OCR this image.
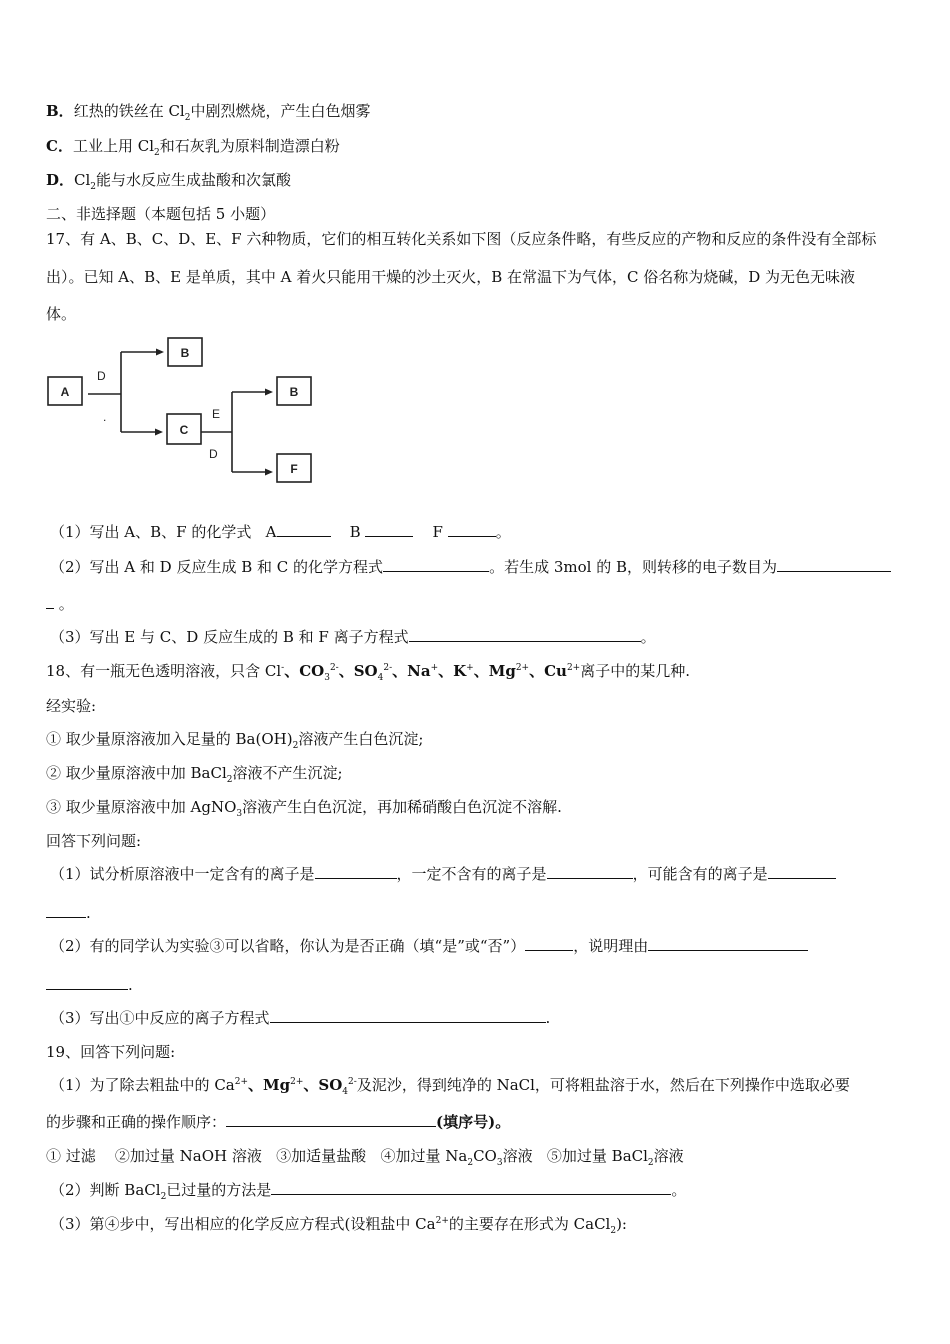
B．红热的铁丝在 $Cl_2$中剧烈燃烧，产生白色烟雾
C．工业上用 $Cl_2$和石灰乳为原料制造漂白粉
D．$Cl_2$能与水反应生成盐酸和次氯酸
二、非选择题（本题包括 5 小题）
17、有 A、B、C、D、E、F 六种物质，它们的相互转化关系如下图（反应条件略，有些反应的产物和反应的条件没有全部标
出）。已知 A、B、E 是单质，其中 A 着火只能用干燥的沙土灭火，B 在常温下为气体，C 俗名称为烧碱，D 为无色无味液
体。
A
B
C
B
F
D
E
D
.
（1）写出 A、B、F 的化学式 A	B	F	。
（2）写出 A 和 D 反应生成 B 和 C 的化学方程式	。若生成 3mol 的 B，则转移的电子数目为
。
（3）写出 E 与 C、D 反应生成的 B 和 F 离子方程式	。
18、有一瓶无色透明溶液，只含 Cl-、$CO_3^{2-}$、$SO_4^{2-}$、Na+、K+、$Mg^{2+}$、$Cu^{2+}$离子中的某几种.
经实验:
① 取少量原溶液加入足量的 $Ba(OH)_2$溶液产生白色沉淀;
② 取少量原溶液中加 BaCl$_2$溶液不产生沉淀;
③ 取少量原溶液中加 AgNO$_3$溶液产生白色沉淀，再加稀硝酸白色沉淀不溶解.
回答下列问题:
（1）试分析原溶液中一定含有的离子是	，一定不含有的离子是	，可能含有的离子是
.
（2）有的同学认为实验③可以省略，你认为是否正确（填“是”或“否”）	，说明理由
.
（3）写出①中反应的离子方程式	.
19、回答下列问题:
（1）为了除去粗盐中的 $Ca^{2+}$、$Mg^{2+}$、$SO_4^{2-}$及泥沙，得到纯净的 NaCl，可将粗盐溶于水，然后在下列操作中选取必要
的步骤和正确的操作顺序：	(填序号)。
① 过滤 ②加过量 NaOH 溶液 ③加适量盐酸 ④加过量 $Na_2CO_3$溶液 ⑤加过量 BaCl$_2$溶液
（2）判断 BaCl$_2$已过量的方法是	。
（3）第④步中，写出相应的化学反应方程式(设粗盐中 $Ca^{2+}$的主要存在形式为 CaCl$_2$):
